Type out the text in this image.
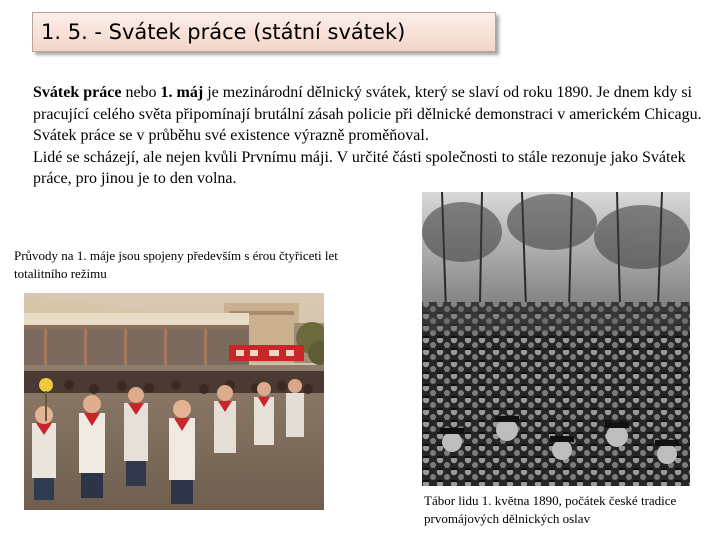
1. 5. - Svátek práce (státní svátek)

Svátek práce nebo 1. máj je mezinárodní dělnický svátek, který se slaví od roku 1890. Je dnem kdy si pracující celého světa připomínají brutální zásah policie při dělnické demonstraci v americkém Chicagu.

Svátek práce se v průběhu své existence výrazně proměňoval.

Lidé se scházejí, ale nejen kvůli Prvnímu máji. V určité části společnosti to stále rezonuje jako Svátek práce, pro jinou je to den volna.

Průvody na 1. máje jsou spojeny především s érou čtyřiceti let totalitního režimu
Tábor lidu 1. května 1890, počátek české tradice prvomájových dělnických oslav
